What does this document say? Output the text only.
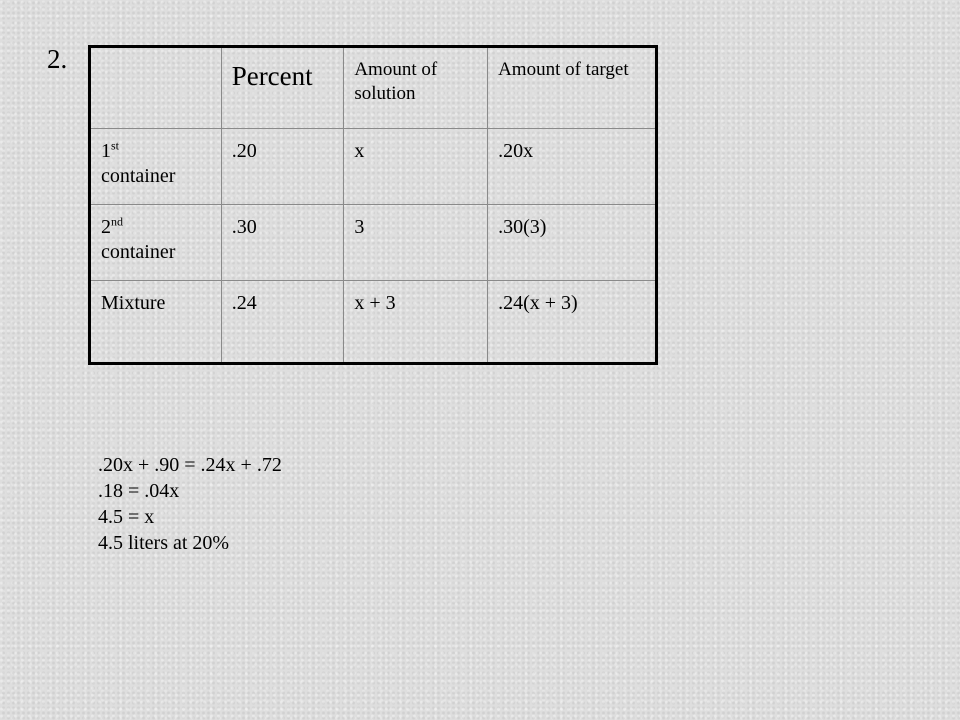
2.
	Percent	Amount of solution	Amount of target
1st
container	.20	x	.20x
2nd
container	.30	3	.30(3)
Mixture	.24	x + 3	.24(x + 3)
.20x + .90 = .24x + .72
.18 = .04x
4.5 = x
4.5 liters at 20%
